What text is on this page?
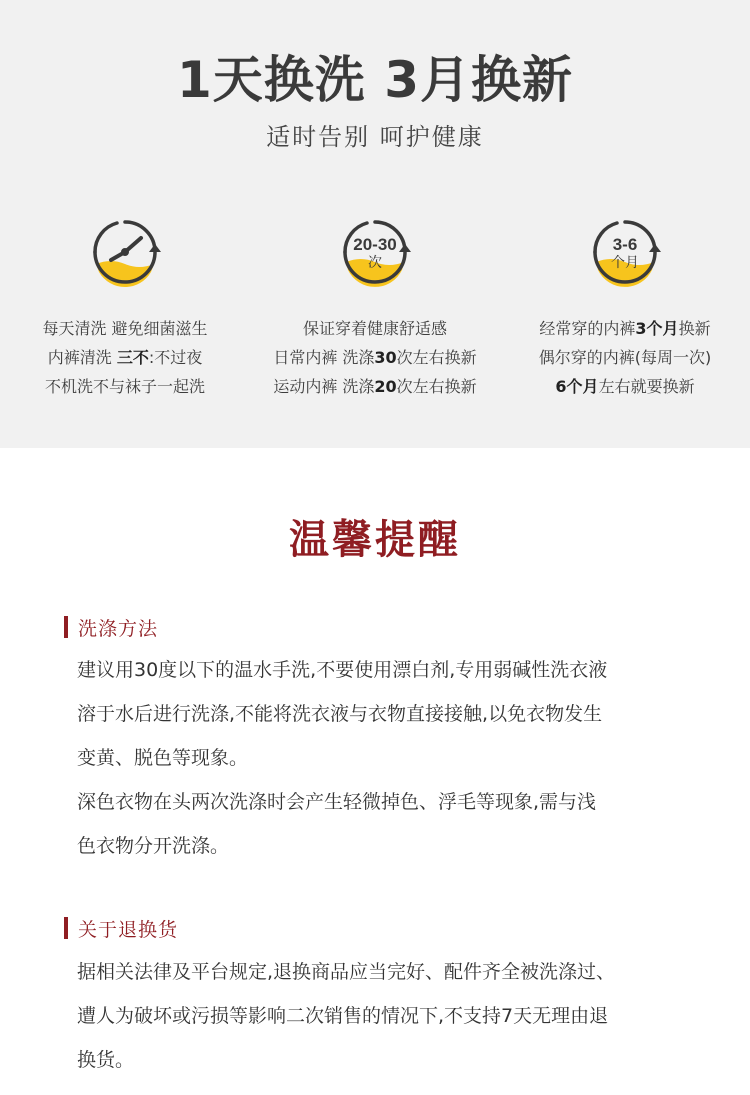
1天换洗 3月换新
适时告别 呵护健康
20-30
次
3-6
个月
每天清洗 避免细菌滋生
内裤清洗 三不:不过夜
不机洗不与袜子一起洗
保证穿着健康舒适感
日常内裤 洗涤30次左右换新
运动内裤 洗涤20次左右换新
经常穿的内裤3个月换新
偶尔穿的内裤(每周一次)
6个月左右就要换新
温馨提醒
洗涤方法
建议用30度以下的温水手洗,不要使用漂白剂,专用弱碱性洗衣液
溶于水后进行洗涤,不能将洗衣液与衣物直接接触,以免衣物发生
变黄、脱色等现象。
深色衣物在头两次洗涤时会产生轻微掉色、浮毛等现象,需与浅
色衣物分开洗涤。
关于退换货
据相关法律及平台规定,退换商品应当完好、配件齐全被洗涤过、
遭人为破坏或污损等影响二次销售的情况下,不支持7天无理由退
换货。
